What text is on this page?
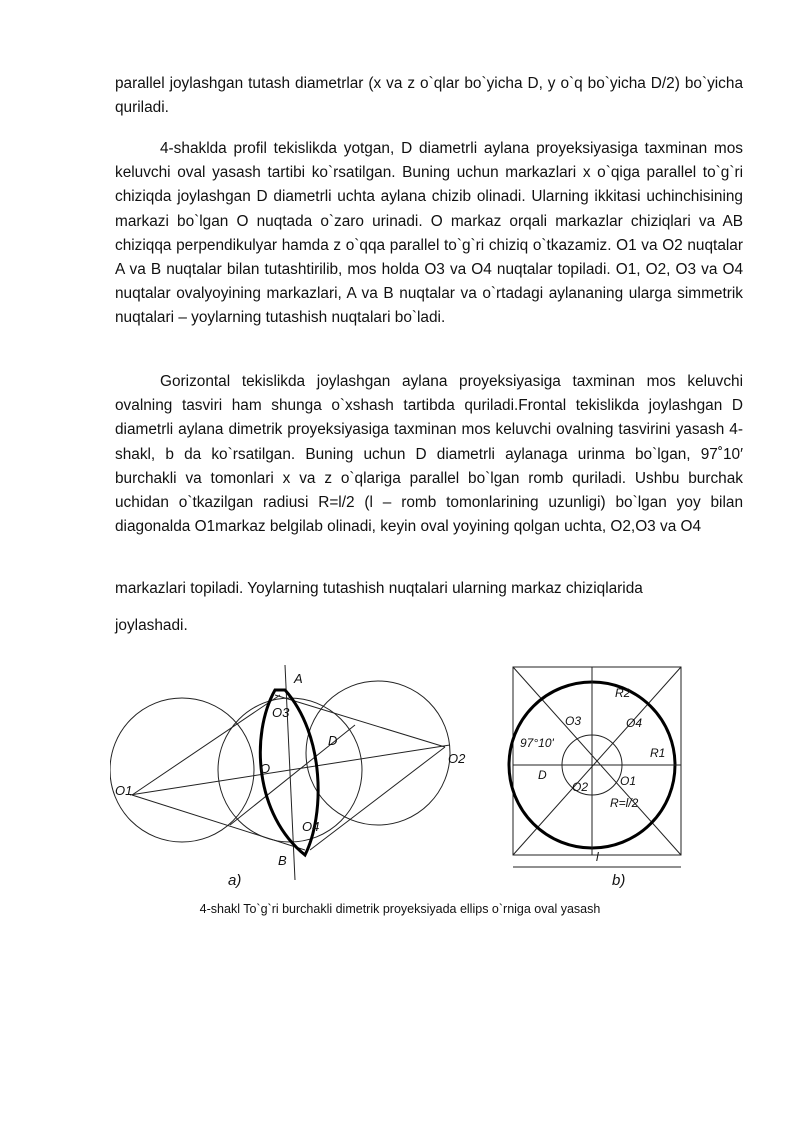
parallel joylashgan tutash diametrlar (x va z o`qlar bo`yicha D, y o`q bo`yicha D/2) bo`yicha quriladi.

4-shaklda profil tekislikda yotgan, D diametrli aylana proyeksiyasiga taxminan mos keluvchi oval yasash tartibi ko`rsatilgan. Buning uchun markazlari x o`qiga parallel to`g`ri chiziqda joylashgan D diametrli uchta aylana chizib olinadi. Ularning ikkitasi uchinchisining markazi bo`lgan O nuqtada o`zaro urinadi. O markaz orqali markazlar chiziqlari va AB chiziqqa perpendikulyar hamda z o`qqa parallel to`g`ri chiziq o`tkazamiz. O1 va O2 nuqtalar A va B nuqtalar bilan tutashtirilib, mos holda O3 va O4 nuqtalar topiladi. O1, O2, O3 va O4 nuqtalar ovalyoyining markazlari, A va B nuqtalar va o`rtadagi aylananing ularga simmetrik nuqtalari – yoylarning tutashish nuqtalari bo`ladi.

Gorizontal tekislikda joylashgan aylana proyeksiyasiga taxminan mos keluvchi ovalning tasviri ham shunga o`xshash tartibda quriladi.Frontal tekislikda joylashgan D diametrli aylana dimetrik proyeksiyasiga taxminan mos keluvchi ovalning tasvirini yasash 4-shakl, b da ko`rsatilgan. Buning uchun D diametrli aylanaga urinma bo`lgan, 97˚10′ burchakli va tomonlari x va z o`qlariga parallel bo`lgan romb quriladi. Ushbu burchak uchidan o`tkazilgan radiusi R=l/2 (l – romb tomonlarining uzunligi) bo`lgan yoy bilan diagonalda O1markaz belgilab olinadi, keyin oval yoyining qolgan uchta, O2,O3 va O4

markazlari topiladi. Yoylarning tutashish nuqtalari ularning markaz chiziqlarida

joylashadi.

A
O3
D
O
O2
O1
O4
B
a)
R2
O3	O4
97°10'
R1
D	O1
O2
R=l/2
l
b)
4-shakl To`g`ri burchakli dimetrik proyeksiyada ellips o`rniga oval yasash
